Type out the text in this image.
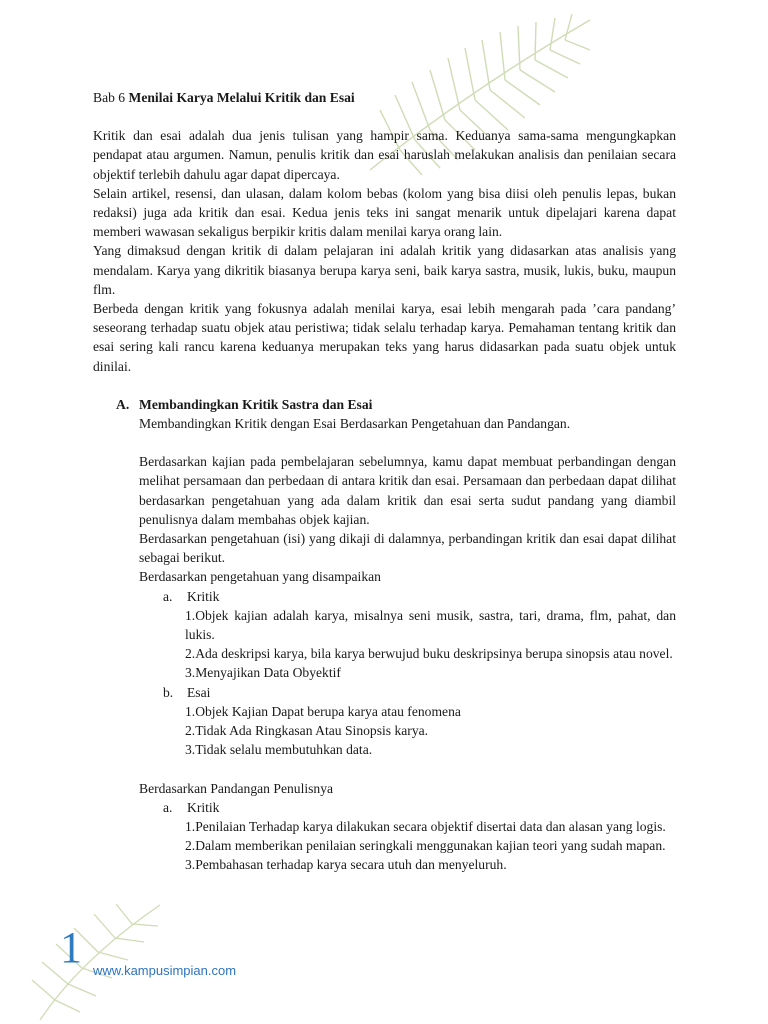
Bab 6 Menilai Karya Melalui Kritik dan Esai

Kritik dan esai adalah dua jenis tulisan yang hampir sama. Keduanya sama-sama mengungkapkan pendapat atau argumen. Namun, penulis kritik dan esai haruslah melakukan analisis dan penilaian secara objektif terlebih dahulu agar dapat dipercaya.

Selain artikel, resensi, dan ulasan, dalam kolom bebas (kolom yang bisa diisi oleh penulis lepas, bukan redaksi) juga ada kritik dan esai. Kedua jenis teks ini sangat menarik untuk dipelajari karena dapat memberi wawasan sekaligus berpikir kritis dalam menilai karya orang lain.

Yang dimaksud dengan kritik di dalam pelajaran ini adalah kritik yang didasarkan atas analisis yang mendalam. Karya yang dikritik biasanya berupa karya seni, baik karya sastra, musik, lukis, buku, maupun flm.

Berbeda dengan kritik yang fokusnya adalah menilai karya, esai lebih mengarah pada ’cara pandang’ seseorang terhadap suatu objek atau peristiwa; tidak selalu terhadap karya. Pemahaman tentang kritik dan esai sering kali rancu karena keduanya merupakan teks yang harus didasarkan pada suatu objek untuk dinilai.

A. Membandingkan Kritik Sastra dan Esai
Membandingkan Kritik dengan Esai Berdasarkan Pengetahuan dan Pandangan.

Berdasarkan kajian pada pembelajaran sebelumnya, kamu dapat membuat perbandingan dengan melihat persamaan dan perbedaan di antara kritik dan esai. Persamaan dan perbedaan dapat dilihat berdasarkan pengetahuan yang ada dalam kritik dan esai serta sudut pandang yang diambil penulisnya dalam membahas objek kajian.

Berdasarkan pengetahuan (isi) yang dikaji di dalamnya, perbandingan kritik dan esai dapat dilihat sebagai berikut.

Berdasarkan pengetahuan yang disampaikan
a.	Kritik
1.Objek kajian adalah karya, misalnya seni musik, sastra, tari, drama, flm, pahat, dan lukis.
2.Ada deskripsi karya, bila karya berwujud buku deskripsinya berupa sinopsis atau novel.
3.Menyajikan Data Obyektif
b.	Esai
1.Objek Kajian Dapat berupa karya atau fenomena
2.Tidak Ada Ringkasan Atau Sinopsis karya.
3.Tidak selalu membutuhkan data.
Berdasarkan Pandangan Penulisnya
a.	Kritik
1.Penilaian Terhadap karya dilakukan secara objektif disertai data dan alasan yang logis.
2.Dalam memberikan penilaian seringkali menggunakan kajian teori yang sudah mapan.
3.Pembahasan terhadap karya secara utuh dan menyeluruh.
1 www.kampusimpian.com
